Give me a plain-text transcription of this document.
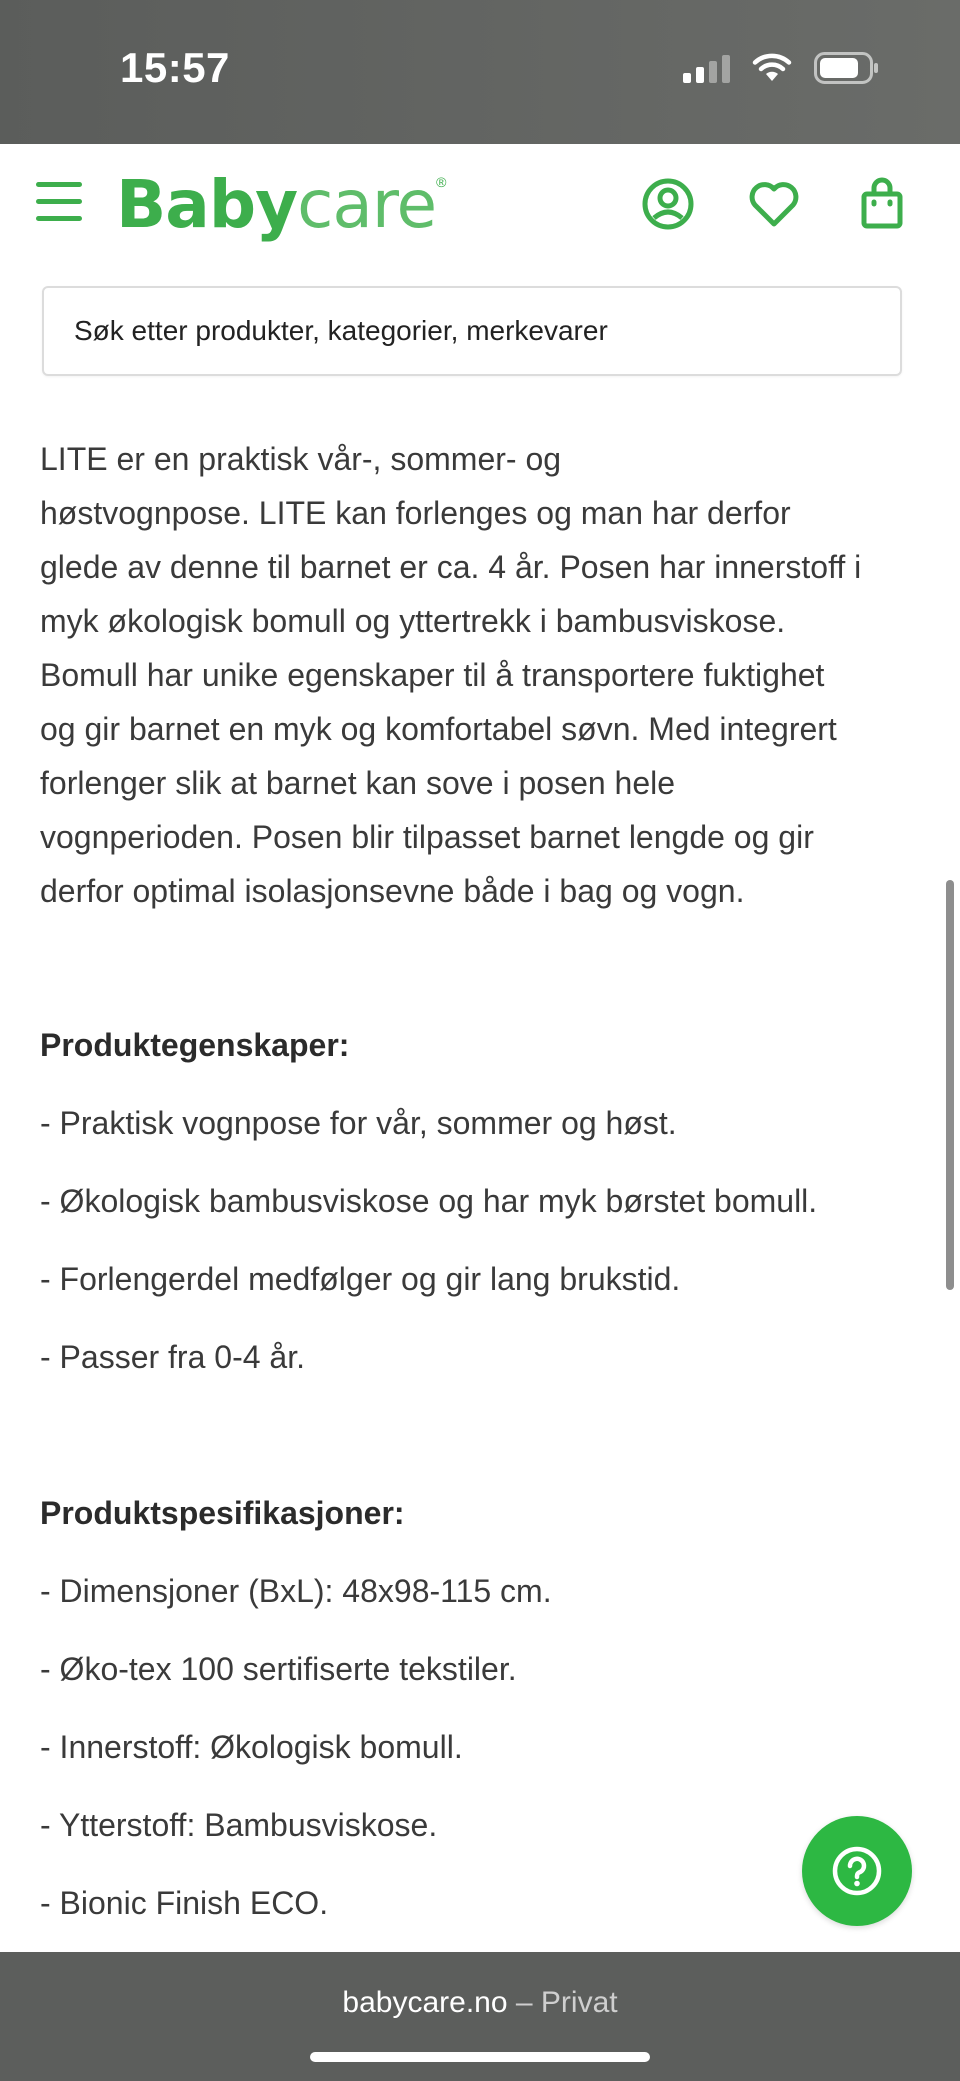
15:57
Babycare®
Søk etter produkter, kategorier, merkevarer

LITE er en praktisk vår-, sommer- og
høstvognpose. LITE kan forlenges og man har derfor
glede av denne til barnet er ca. 4 år. Posen har innerstoff i
myk økologisk bomull og yttertrekk i bambusviskose.
Bomull har unike egenskaper til å transportere fuktighet
og gir barnet en myk og komfortabel søvn. Med integrert
forlenger slik at barnet kan sove i posen hele
vognperioden. Posen blir tilpasset barnet lengde og gir
derfor optimal isolasjonsevne både i bag og vogn.

Produktegenskaper:

- Praktisk vognpose for vår, sommer og høst.

- Økologisk bambusviskose og har myk børstet bomull.

- Forlengerdel medfølger og gir lang brukstid.

- Passer fra 0-4 år.

Produktspesifikasjoner:

- Dimensjoner (BxL): 48x98-115 cm.

- Øko-tex 100 sertifiserte tekstiler.

- Innerstoff: Økologisk bomull.

- Ytterstoff: Bambusviskose.

- Bionic Finish ECO.

babycare.no – Privat
